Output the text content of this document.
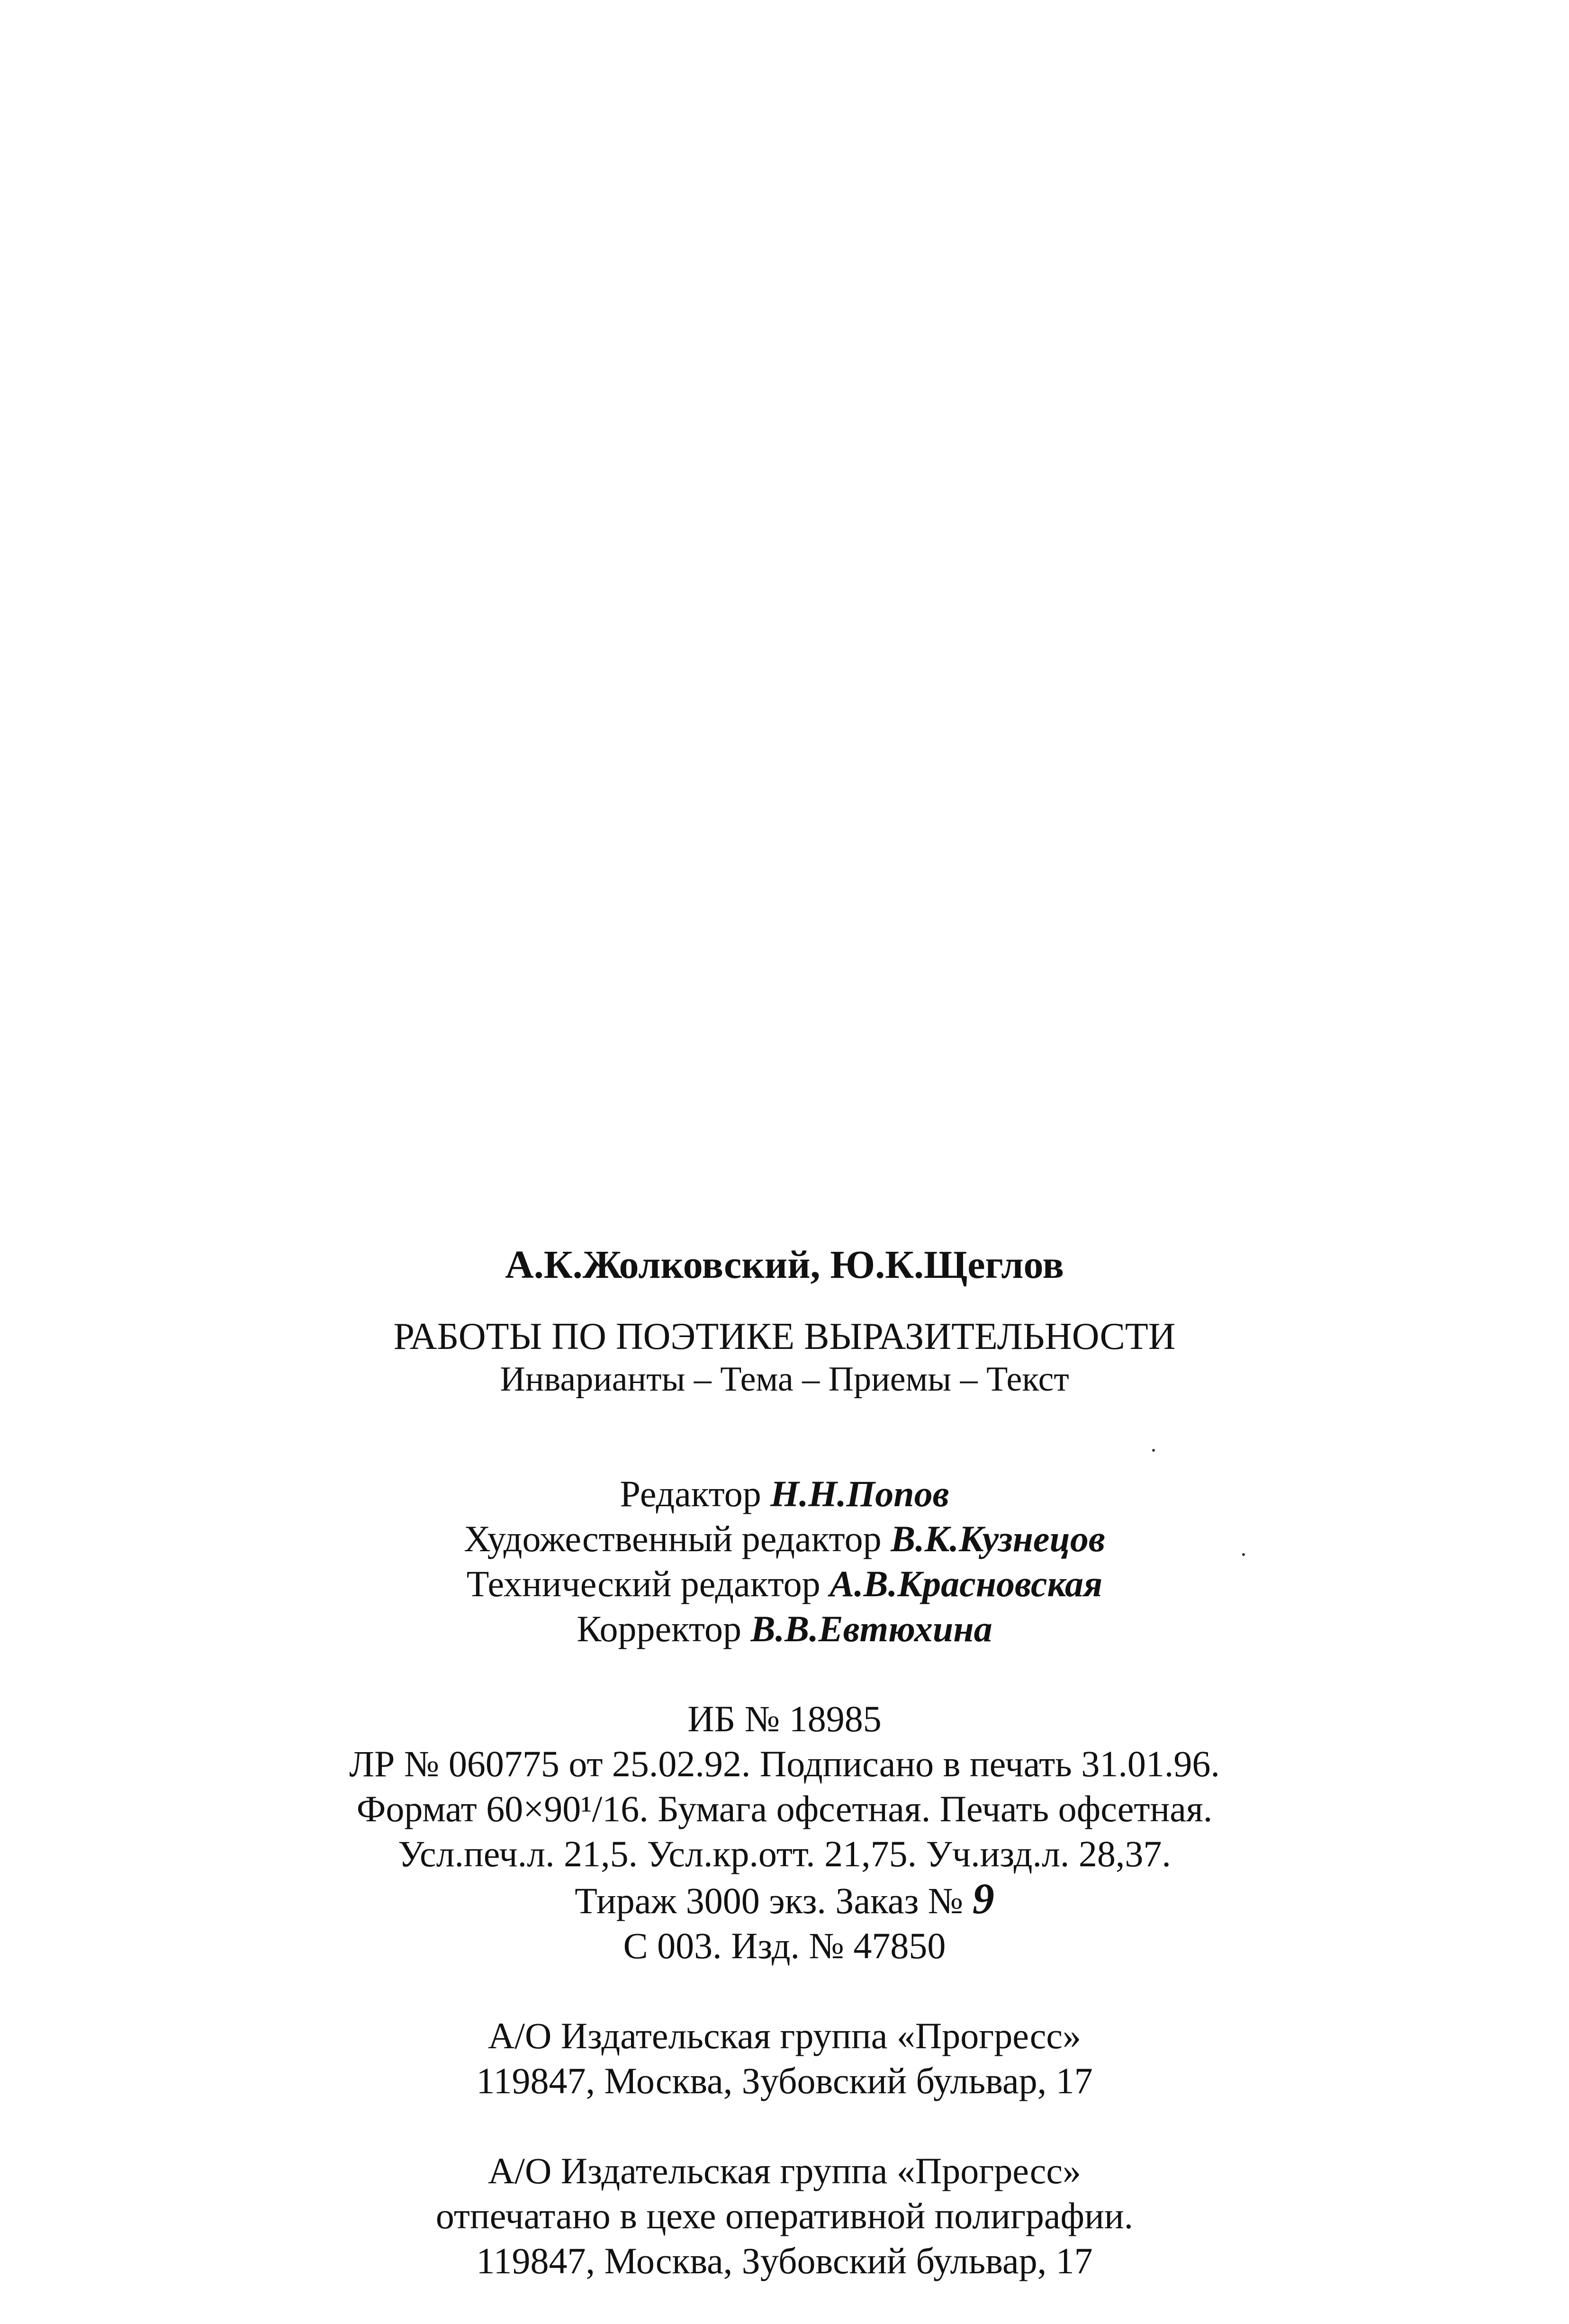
А.К.Жолковский, Ю.К.Щеглов
РАБОТЫ ПО ПОЭТИКЕ ВЫРАЗИТЕЛЬНОСТИ
Инварианты – Тема – Приемы – Текст
Редактор Н.Н.Попов
Художественный редактор В.К.Кузнецов
Технический редактор А.В.Красновская
Корректор В.В.Евтюхина
ИБ № 18985
ЛР № 060775 от 25.02.92. Подписано в печать 31.01.96.
Формат 60×90¹/16. Бумага офсетная. Печать офсетная.
Усл.печ.л. 21,5. Усл.кр.отт. 21,75. Уч.изд.л. 28,37.
Тираж 3000 экз. Заказ № 9
С 003. Изд. № 47850
А/О Издательская группа «Прогресс»
119847, Москва, Зубовский бульвар, 17
А/О Издательская группа «Прогресс»
отпечатано в цехе оперативной полиграфии.
119847, Москва, Зубовский бульвар, 17
